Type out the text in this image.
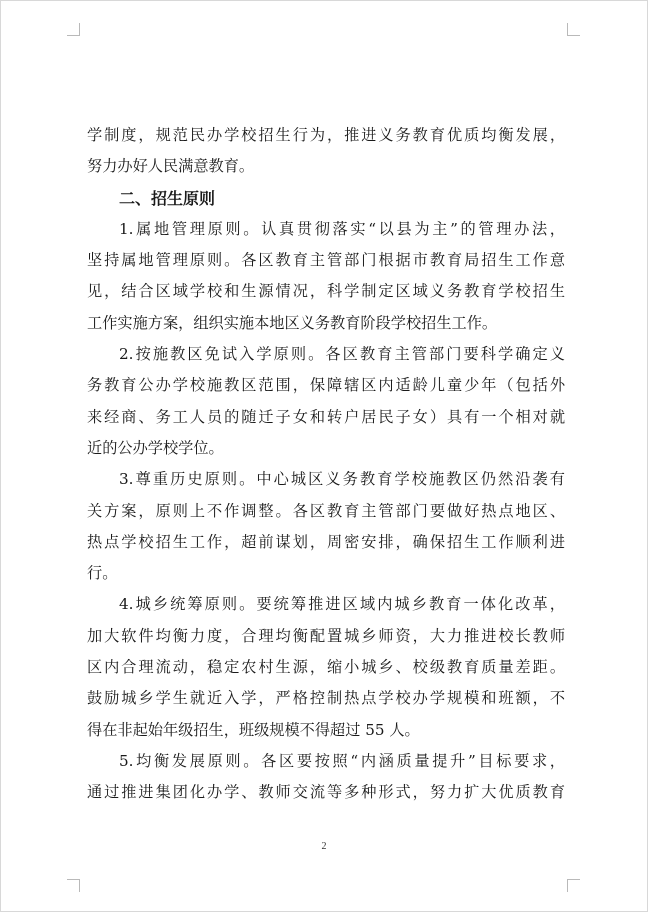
学制度，规范民办学校招生行为，推进义务教育优质均衡发展，
努力办好人民满意教育。
二、招生原则
1.属地管理原则。认真贯彻落实“以县为主”的管理办法，
坚持属地管理原则。各区教育主管部门根据市教育局招生工作意
见，结合区域学校和生源情况，科学制定区域义务教育学校招生
工作实施方案，组织实施本地区义务教育阶段学校招生工作。
2.按施教区免试入学原则。各区教育主管部门要科学确定义
务教育公办学校施教区范围，保障辖区内适龄儿童少年（包括外
来经商、务工人员的随迁子女和转户居民子女）具有一个相对就
近的公办学校学位。
3.尊重历史原则。中心城区义务教育学校施教区仍然沿袭有
关方案，原则上不作调整。各区教育主管部门要做好热点地区、
热点学校招生工作，超前谋划，周密安排，确保招生工作顺利进
行。
4.城乡统筹原则。要统筹推进区域内城乡教育一体化改革，
加大软件均衡力度，合理均衡配置城乡师资，大力推进校长教师
区内合理流动，稳定农村生源，缩小城乡、校级教育质量差距。
鼓励城乡学生就近入学，严格控制热点学校办学规模和班额，不
得在非起始年级招生，班级规模不得超过 55 人。
5.均衡发展原则。各区要按照“内涵质量提升”目标要求，
通过推进集团化办学、教师交流等多种形式，努力扩大优质教育
2
